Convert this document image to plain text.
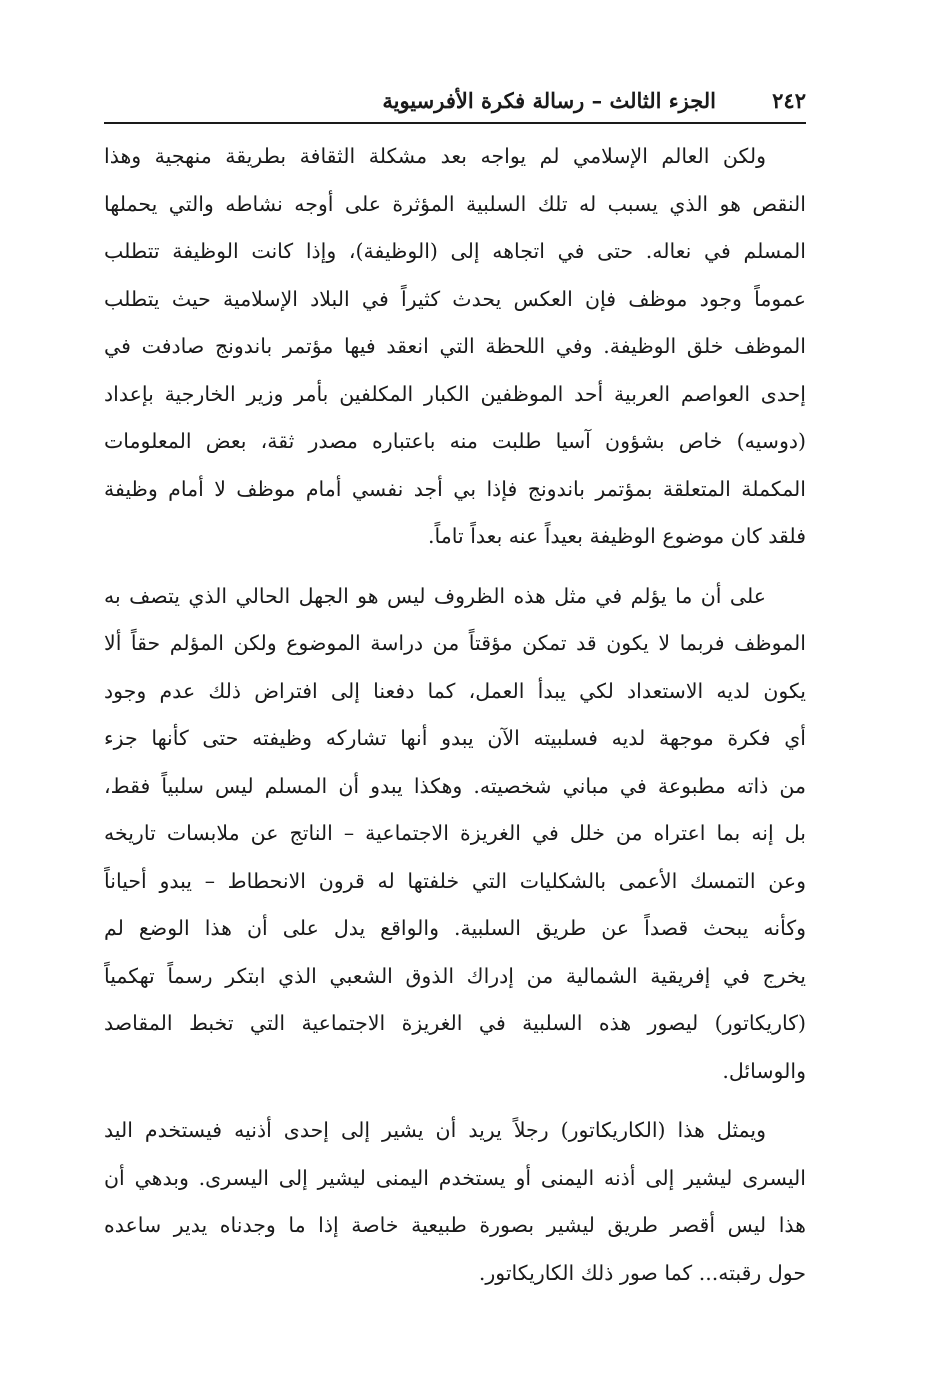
٢٤٢
الجزء الثالث – رسالة فكرة الأفرسيوية
ولكن العالم الإسلامي لم يواجه بعد مشكلة الثقافة بطريقة منهجية وهذا
النقص هو الذي يسبب له تلك السلبية المؤثرة على أوجه نشاطه والتي يحملها
المسلم في نعاله. حتى في اتجاهه إلى (الوظيفة)، وإذا كانت الوظيفة تتطلب
عموماً وجود موظف فإن العكس يحدث كثيراً في البلاد الإسلامية حيث يتطلب
الموظف خلق الوظيفة. وفي اللحظة التي انعقد فيها مؤتمر باندونج صادفت في
إحدى العواصم العربية أحد الموظفين الكبار المكلفين بأمر وزير الخارجية بإعداد
(دوسيه) خاص بشؤون آسيا طلبت منه باعتباره مصدر ثقة، بعض المعلومات
المكملة المتعلقة بمؤتمر باندونج فإذا بي أجد نفسي أمام موظف لا أمام وظيفة
فلقد كان موضوع الوظيفة بعيداً عنه بعداً تاماً.
على أن ما يؤلم في مثل هذه الظروف ليس هو الجهل الحالي الذي يتصف به
الموظف فربما لا يكون قد تمكن مؤقتاً من دراسة الموضوع ولكن المؤلم حقاً ألا
يكون لديه الاستعداد لكي يبدأ العمل، كما دفعنا إلى افتراض ذلك عدم وجود
أي فكرة موجهة لديه فسلبيته الآن يبدو أنها تشاركه وظيفته حتى كأنها جزء
من ذاته مطبوعة في مباني شخصيته. وهكذا يبدو أن المسلم ليس سلبياً فقط،
بل إنه بما اعتراه من خلل في الغريزة الاجتماعية – الناتج عن ملابسات تاريخه
وعن التمسك الأعمى بالشكليات التي خلفتها له قرون الانحطاط – يبدو أحياناً
وكأنه يبحث قصداً عن طريق السلبية. والواقع يدل على أن هذا الوضع لم
يخرج في إفريقية الشمالية من إدراك الذوق الشعبي الذي ابتكر رسماً تهكمياً
(كاريكاتور) ليصور هذه السلبية في الغريزة الاجتماعية التي تخبط المقاصد
والوسائل.
ويمثل هذا (الكاريكاتور) رجلاً يريد أن يشير إلى إحدى أذنيه فيستخدم اليد
اليسرى ليشير إلى أذنه اليمنى أو يستخدم اليمنى ليشير إلى اليسرى. وبدهي أن
هذا ليس أقصر طريق ليشير بصورة طبيعية خاصة إذا ما وجدناه يدير ساعده
حول رقبته... كما صور ذلك الكاريكاتور.
